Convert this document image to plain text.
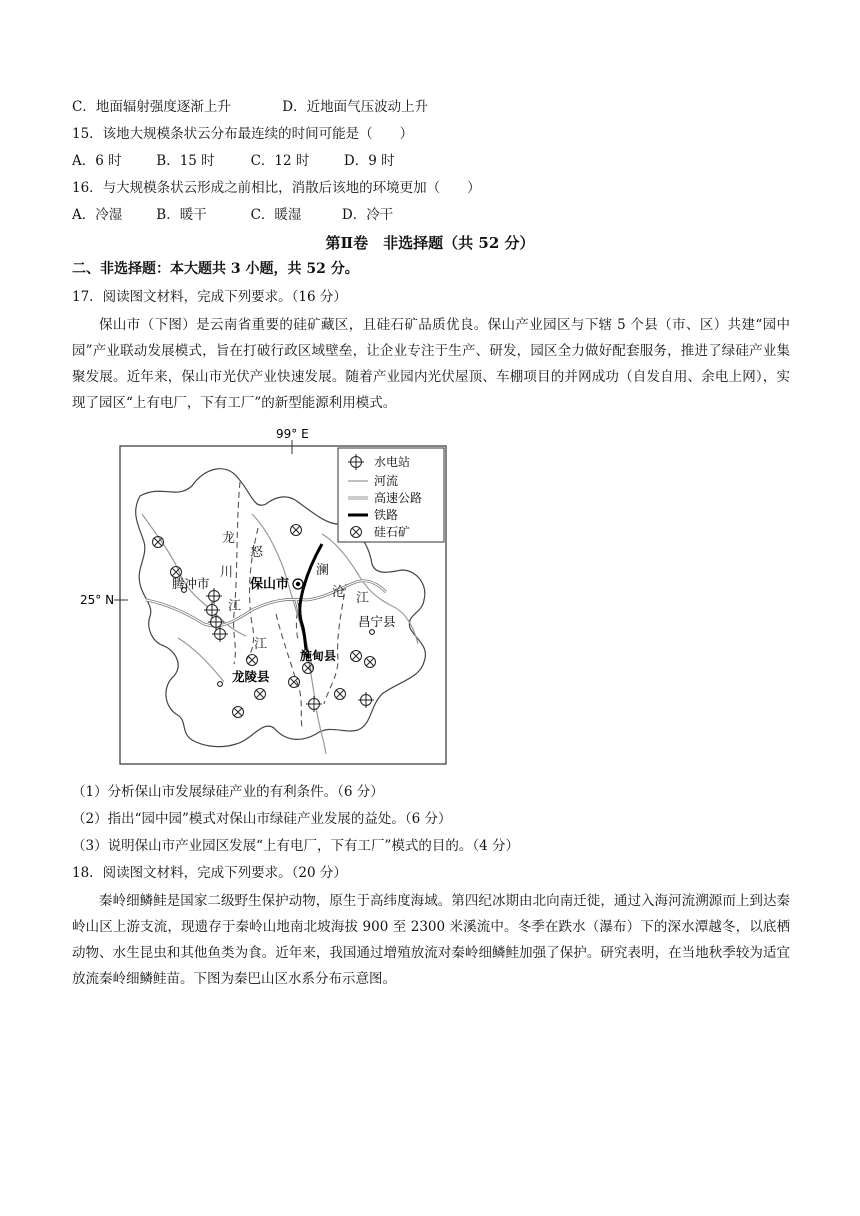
C．地面辐射强度逐渐上升	D．近地面气压波动上升
15．该地大规模条状云分布最连续的时间可能是（　　）
A．6 时	B．15 时	C．12 时	D．9 时
16．与大规模条状云形成之前相比，消散后该地的环境更加（　　）
A．冷湿	B．暖干	C．暖湿	D．冷干
第Ⅱ卷　非选择题（共 52 分）
二、非选择题：本大题共 3 小题，共 52 分。
17．阅读图文材料，完成下列要求。（16 分）
保山市（下图）是云南省重要的硅矿藏区，且硅石矿品质优良。保山产业园区与下辖 5 个县（市、区）共建“园中园”产业联动发展模式，旨在打破行政区域壁垒，让企业专注于生产、研发，园区全力做好配套服务，推进了绿硅产业集聚发展。近年来，保山市光伏产业快速发展。随着产业园内光伏屋顶、车棚项目的并网成功（自发自用、余电上网），实现了园区“上有电厂，下有工厂”的新型能源利用模式。
99° E
25° N
水电站
河流
高速公路
铁路
硅石矿
腾冲市	保山市
昌宁县
施甸县
龙陵县
龙
川
江
怒
江
澜
沧 江
（1）分析保山市发展绿硅产业的有利条件。（6 分）
（2）指出“园中园”模式对保山市绿硅产业发展的益处。（6 分）
（3）说明保山市产业园区发展“上有电厂，下有工厂”模式的目的。（4 分）
18．阅读图文材料，完成下列要求。（20 分）
秦岭细鳞鲑是国家二级野生保护动物，原生于高纬度海域。第四纪冰期由北向南迁徙，通过入海河流溯源而上到达秦岭山区上游支流，现遗存于秦岭山地南北坡海拔 900 至 2300 米溪流中。冬季在跌水（瀑布）下的深水潭越冬，以底栖动物、水生昆虫和其他鱼类为食。近年来，我国通过增殖放流对秦岭细鳞鲑加强了保护。研究表明，在当地秋季较为适宜放流秦岭细鳞鲑苗。下图为秦巴山区水系分布示意图。
